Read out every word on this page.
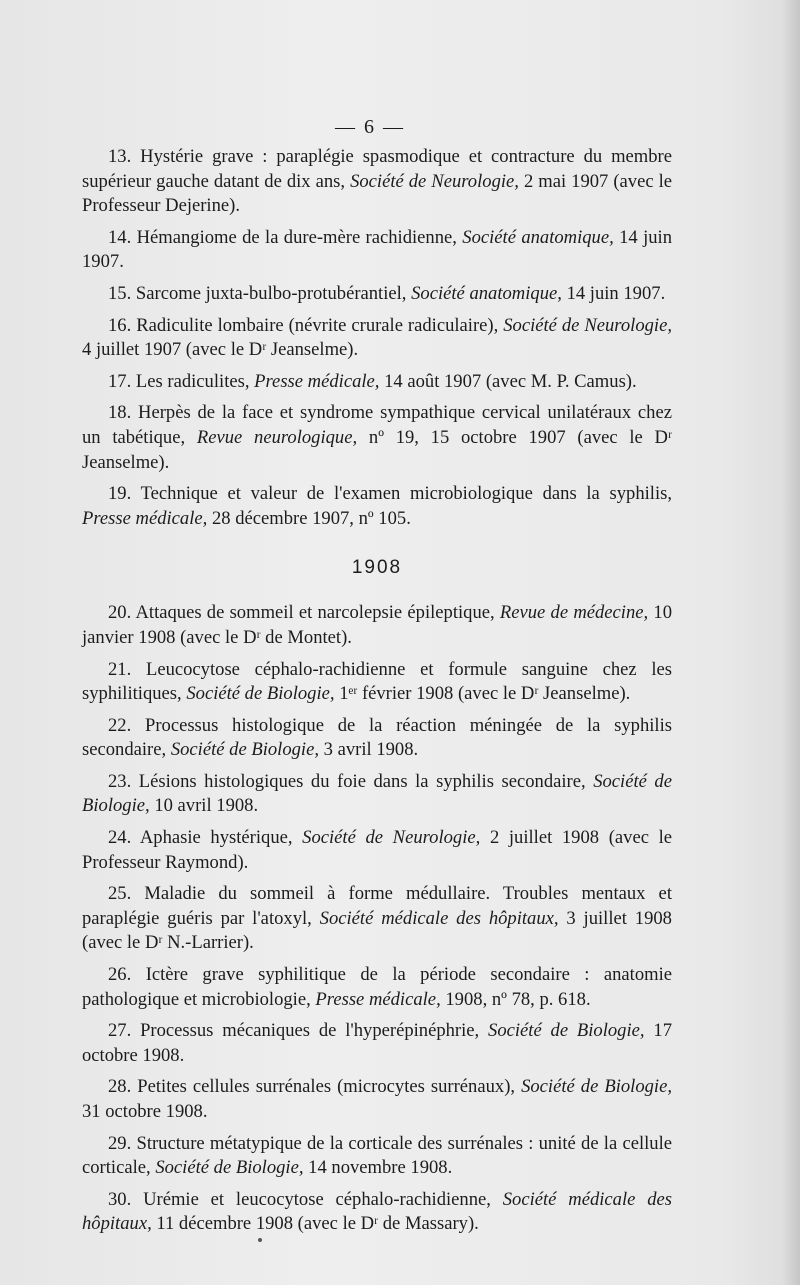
— 6 —

13. Hystérie grave : paraplégie spasmodique et contracture du membre supérieur gauche datant de dix ans, Société de Neurologie, 2 mai 1907 (avec le Professeur Dejerine).

14. Hémangiome de la dure-mère rachidienne, Société anatomique, 14 juin 1907.

15. Sarcome juxta-bulbo-protubérantiel, Société anatomique, 14 juin 1907.

16. Radiculite lombaire (névrite crurale radiculaire), Société de Neurologie, 4 juillet 1907 (avec le Dʳ Jeanselme).

17. Les radiculites, Presse médicale, 14 août 1907 (avec M. P. Camus).

18. Herpès de la face et syndrome sympathique cervical unilatéraux chez un tabétique, Revue neurologique, nº 19, 15 octobre 1907 (avec le Dʳ Jeanselme).

19. Technique et valeur de l'examen microbiologique dans la syphilis, Presse médicale, 28 décembre 1907, nº 105.

1908

20. Attaques de sommeil et narcolepsie épileptique, Revue de médecine, 10 janvier 1908 (avec le Dʳ de Montet).

21. Leucocytose céphalo-rachidienne et formule sanguine chez les syphilitiques, Société de Biologie, 1ᵉʳ février 1908 (avec le Dʳ Jeanselme).

22. Processus histologique de la réaction méningée de la syphilis secondaire, Société de Biologie, 3 avril 1908.

23. Lésions histologiques du foie dans la syphilis secondaire, Société de Biologie, 10 avril 1908.

24. Aphasie hystérique, Société de Neurologie, 2 juillet 1908 (avec le Professeur Raymond).

25. Maladie du sommeil à forme médullaire. Troubles mentaux et paraplégie guéris par l'atoxyl, Société médicale des hôpitaux, 3 juillet 1908 (avec le Dʳ N.-Larrier).

26. Ictère grave syphilitique de la période secondaire : anatomie pathologique et microbiologie, Presse médicale, 1908, nº 78, p. 618.

27. Processus mécaniques de l'hyperépinéphrie, Société de Biologie, 17 octobre 1908.

28. Petites cellules surrénales (microcytes surrénaux), Société de Biologie, 31 octobre 1908.

29. Structure métatypique de la corticale des surrénales : unité de la cellule corticale, Société de Biologie, 14 novembre 1908.

30. Urémie et leucocytose céphalo-rachidienne, Société médicale des hôpitaux, 11 décembre 1908 (avec le Dʳ de Massary).
